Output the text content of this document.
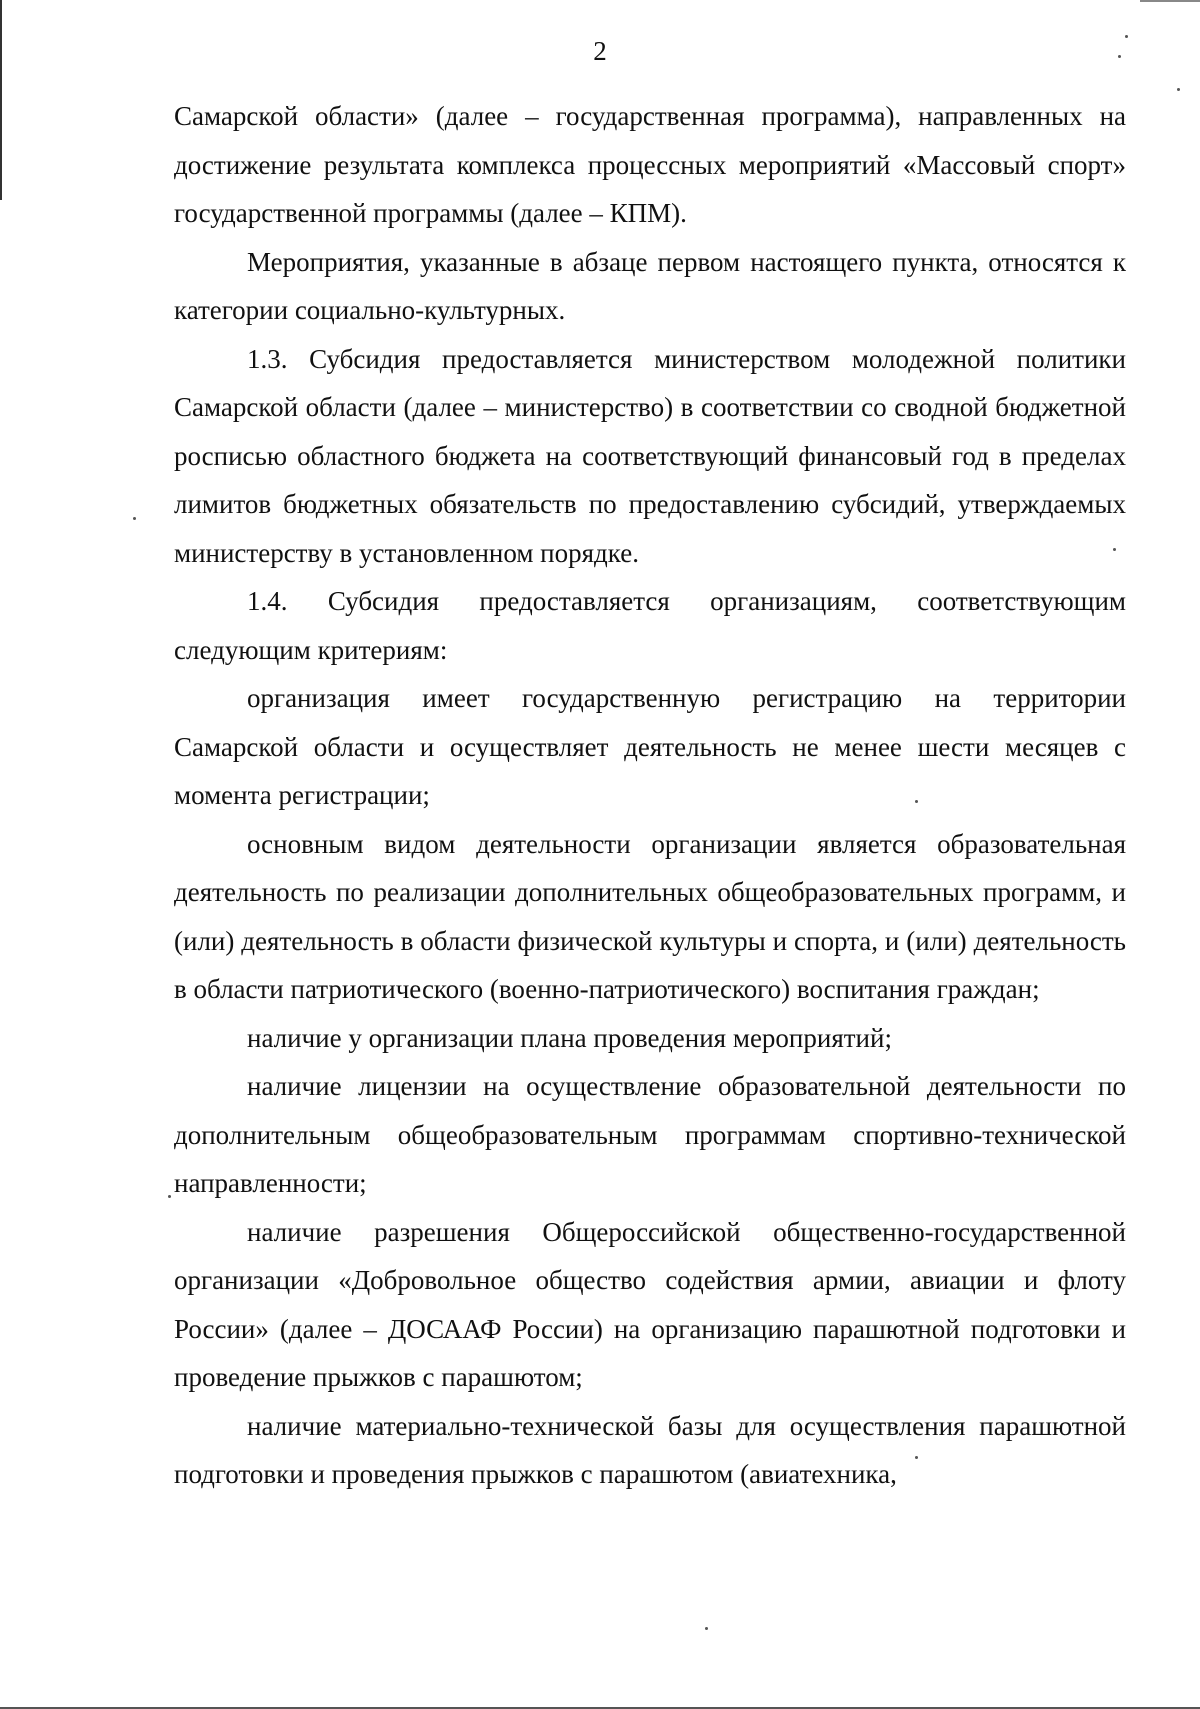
2

Самарской области» (далее – государственная программа), направленных на достижение результата комплекса процессных мероприятий «Массовый спорт» государственной программы (далее – КПМ).

Мероприятия, указанные в абзаце первом настоящего пункта, относятся к категории социально-культурных.

1.3. Субсидия предоставляется министерством молодежной политики Самарской области (далее – министерство) в соответствии со сводной бюджетной росписью областного бюджета на соответствующий финансовый год в пределах лимитов бюджетных обязательств по предоставлению субсидий, утверждаемых министерству в установленном порядке.

1.4. Субсидия предоставляется организациям, соответствующим следующим критериям:

организация имеет государственную регистрацию на территории Самарской области и осуществляет деятельность не менее шести месяцев с момента регистрации;

основным видом деятельности организации является образовательная деятельность по реализации дополнительных общеобразовательных программ, и (или) деятельность в области физической культуры и спорта, и (или) деятельность в области патриотического (военно-патриотического) воспитания граждан;

наличие у организации плана проведения мероприятий;

наличие лицензии на осуществление образовательной деятельности по дополнительным общеобразовательным программам спортивно-технической направленности;

наличие разрешения Общероссийской общественно-государственной организации «Добровольное общество содействия армии, авиации и флоту России» (далее – ДОСААФ России) на организацию парашютной подготовки и проведение прыжков с парашютом;

наличие материально-технической базы для осуществления парашютной подготовки и проведения прыжков с парашютом (авиатехника,
